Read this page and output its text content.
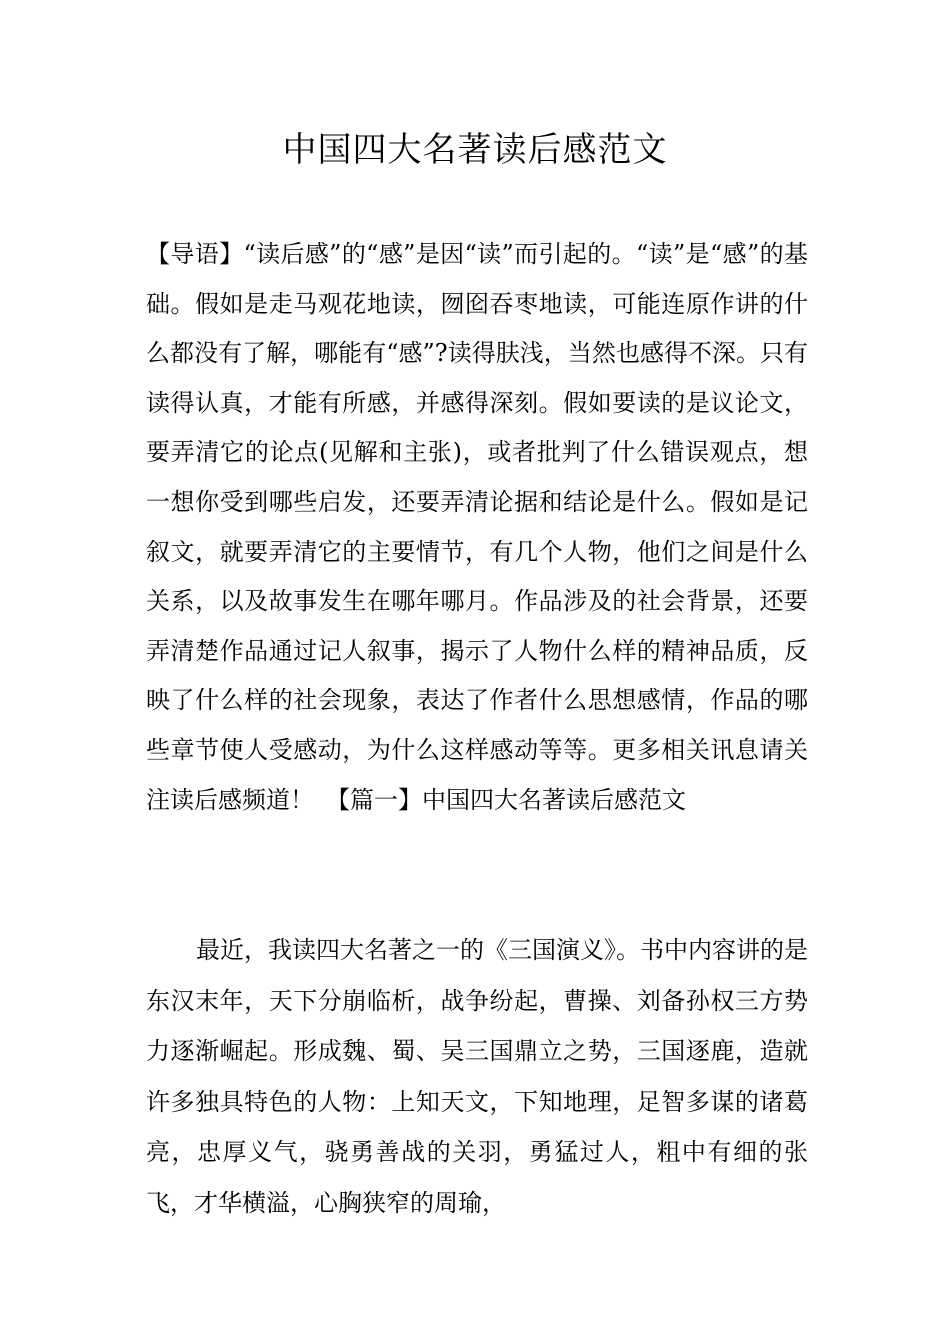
中国四大名著读后感范文
【导语】“读后感”的“感”是因“读”而引起的。“读”是“感”的基础。假如是走马观花地读，囫囵吞枣地读，可能连原作讲的什么都没有了解，哪能有“感”?读得肤浅，当然也感得不深。只有读得认真，才能有所感，并感得深刻。假如要读的是议论文，要弄清它的论点(见解和主张)，或者批判了什么错误观点，想一想你受到哪些启发，还要弄清论据和结论是什么。假如是记叙文，就要弄清它的主要情节，有几个人物，他们之间是什么关系，以及故事发生在哪年哪月。作品涉及的社会背景，还要弄清楚作品通过记人叙事，揭示了人物什么样的精神品质，反映了什么样的社会现象，表达了作者什么思想感情，作品的哪些章节使人受感动，为什么这样感动等等。更多相关讯息请关注读后感频道！　【篇一】中国四大名著读后感范文
最近，我读四大名著之一的《三国演义》。书中内容讲的是东汉末年，天下分崩临析，战争纷起，曹操、刘备孙权三方势力逐渐崛起。形成魏、蜀、吴三国鼎立之势，三国逐鹿，造就许多独具特色的人物：上知天文，下知地理，足智多谋的诸葛亮，忠厚义气，骁勇善战的关羽，勇猛过人，粗中有细的张飞，才华横溢，心胸狭窄的周瑜，
